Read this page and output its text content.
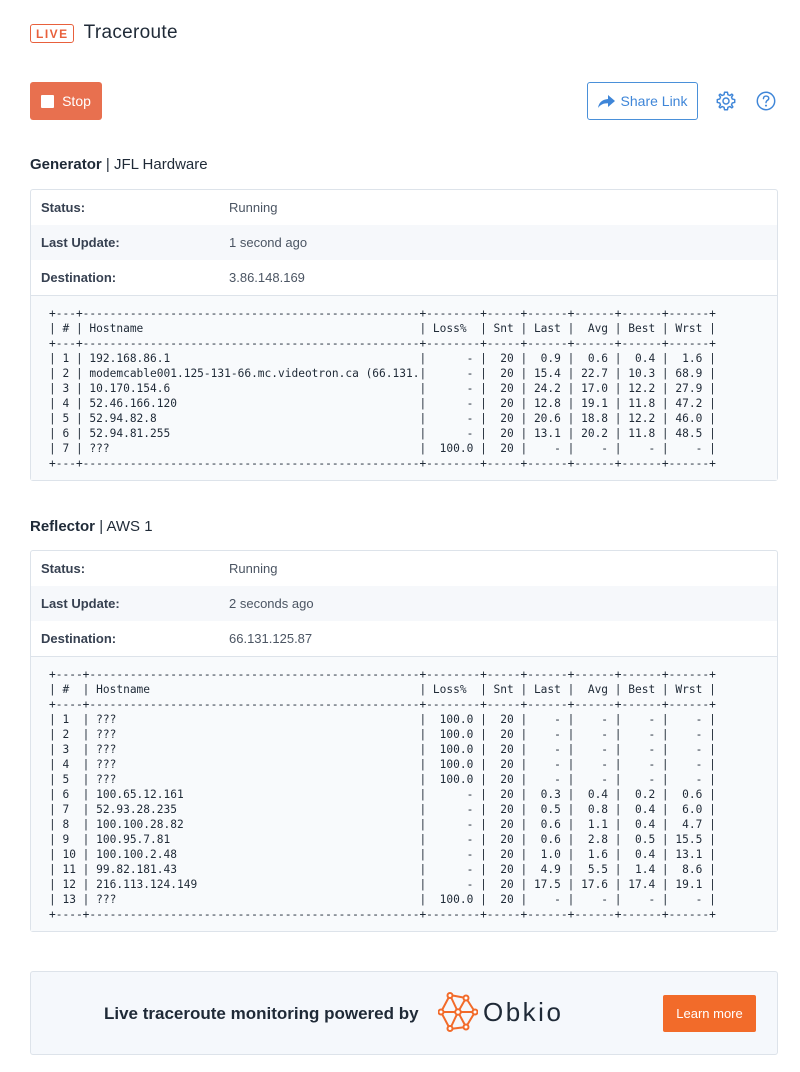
LIVE Traceroute
Stop	Share Link
Generator | JFL Hardware
Status:	Running
Last Update:	1 second ago
Destination:	3.86.148.169
+---+--------------------------------------------------+--------+-----+------+------+------+------+
| # | Hostname                                         | Loss%  | Snt | Last |  Avg | Best | Wrst |
+---+--------------------------------------------------+--------+-----+------+------+------+------+
| 1 | 192.168.86.1                                     |      - |  20 |  0.9 |  0.6 |  0.4 |  1.6 |
| 2 | modemcable001.125-131-66.mc.videotron.ca (66.131.|      - |  20 | 15.4 | 22.7 | 10.3 | 68.9 |
| 3 | 10.170.154.6                                     |      - |  20 | 24.2 | 17.0 | 12.2 | 27.9 |
| 4 | 52.46.166.120                                    |      - |  20 | 12.8 | 19.1 | 11.8 | 47.2 |
| 5 | 52.94.82.8                                       |      - |  20 | 20.6 | 18.8 | 12.2 | 46.0 |
| 6 | 52.94.81.255                                     |      - |  20 | 13.1 | 20.2 | 11.8 | 48.5 |
| 7 | ???                                              |  100.0 |  20 |    - |    - |    - |    - |
+---+--------------------------------------------------+--------+-----+------+------+------+------+
Reflector | AWS 1
Status:	Running
Last Update:	2 seconds ago
Destination:	66.131.125.87
+----+-------------------------------------------------+--------+-----+------+------+------+------+
| #  | Hostname                                        | Loss%  | Snt | Last |  Avg | Best | Wrst |
+----+-------------------------------------------------+--------+-----+------+------+------+------+
| 1  | ???                                             |  100.0 |  20 |    - |    - |    - |    - |
| 2  | ???                                             |  100.0 |  20 |    - |    - |    - |    - |
| 3  | ???                                             |  100.0 |  20 |    - |    - |    - |    - |
| 4  | ???                                             |  100.0 |  20 |    - |    - |    - |    - |
| 5  | ???                                             |  100.0 |  20 |    - |    - |    - |    - |
| 6  | 100.65.12.161                                   |      - |  20 |  0.3 |  0.4 |  0.2 |  0.6 |
| 7  | 52.93.28.235                                    |      - |  20 |  0.5 |  0.8 |  0.4 |  6.0 |
| 8  | 100.100.28.82                                   |      - |  20 |  0.6 |  1.1 |  0.4 |  4.7 |
| 9  | 100.95.7.81                                     |      - |  20 |  0.6 |  2.8 |  0.5 | 15.5 |
| 10 | 100.100.2.48                                    |      - |  20 |  1.0 |  1.6 |  0.4 | 13.1 |
| 11 | 99.82.181.43                                    |      - |  20 |  4.9 |  5.5 |  1.4 |  8.6 |
| 12 | 216.113.124.149                                 |      - |  20 | 17.5 | 17.6 | 17.4 | 19.1 |
| 13 | ???                                             |  100.0 |  20 |    - |    - |    - |    - |
+----+-------------------------------------------------+--------+-----+------+------+------+------+
Live traceroute monitoring powered by Obkio	Learn more
